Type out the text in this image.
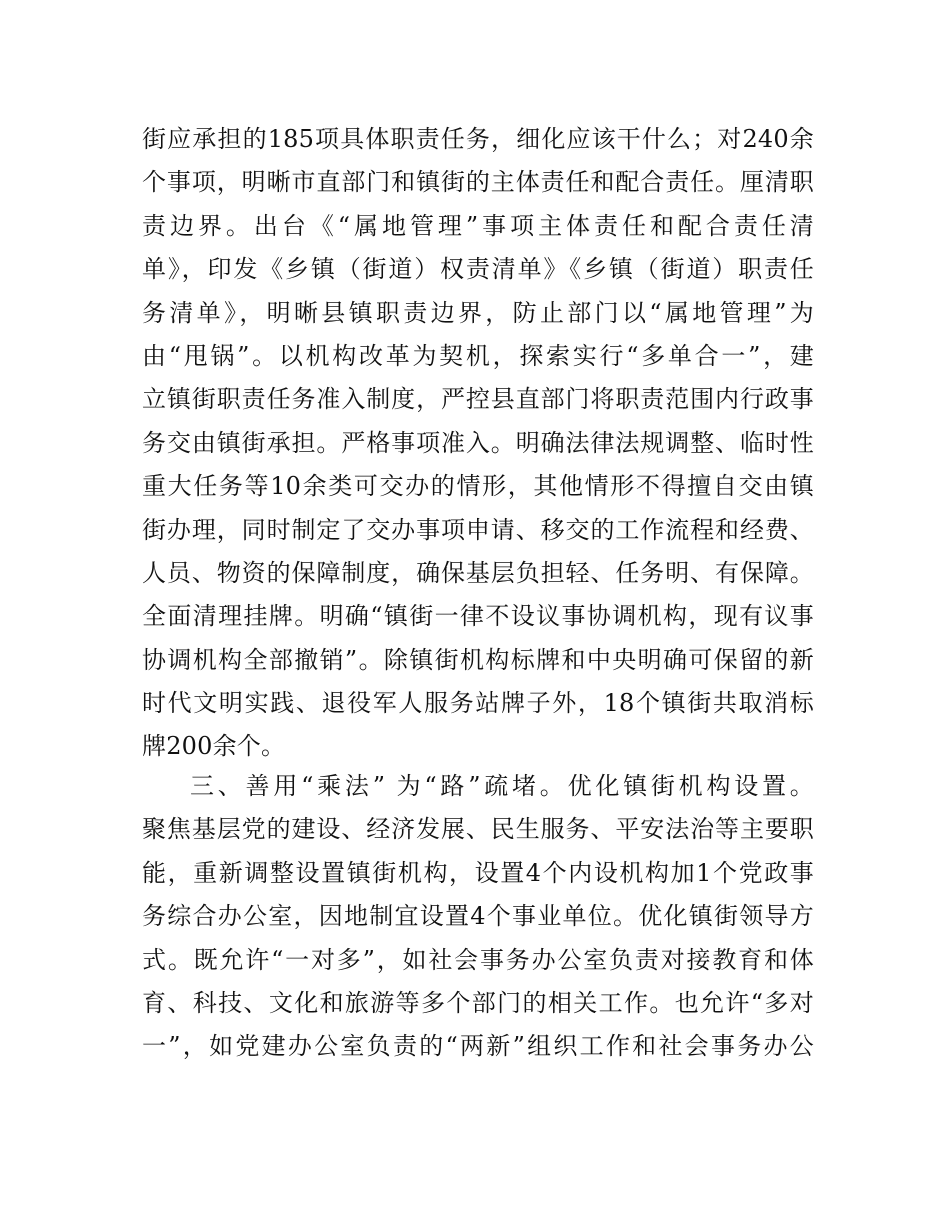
街应承担的185项具体职责任务，细化应该干什么；对240余
个事项，明晰市直部门和镇街的主体责任和配合责任。厘清职
责边界。出台《“属地管理”事项主体责任和配合责任清
单》，印发《乡镇（街道）权责清单》《乡镇（街道）职责任
务清单》，明晰县镇职责边界，防止部门以“属地管理”为
由“甩锅”。以机构改革为契机，探索实行“多单合一”，建
立镇街职责任务准入制度，严控县直部门将职责范围内行政事
务交由镇街承担。严格事项准入。明确法律法规调整、临时性
重大任务等10余类可交办的情形，其他情形不得擅自交由镇
街办理，同时制定了交办事项申请、移交的工作流程和经费、
人员、物资的保障制度，确保基层负担轻、任务明、有保障。
全面清理挂牌。明确“镇街一律不设议事协调机构，现有议事
协调机构全部撤销”。除镇街机构标牌和中央明确可保留的新
时代文明实践、退役军人服务站牌子外，18个镇街共取消标
牌200余个。
三、善用“乘法” 为“路”疏堵。优化镇街机构设置。
聚焦基层党的建设、经济发展、民生服务、平安法治等主要职
能，重新调整设置镇街机构，设置4个内设机构加1个党政事
务综合办公室，因地制宜设置4个事业单位。优化镇街领导方
式。既允许“一对多”，如社会事务办公室负责对接教育和体
育、科技、文化和旅游等多个部门的相关工作。也允许“多对
一”，如党建办公室负责的“两新”组织工作和社会事务办公
